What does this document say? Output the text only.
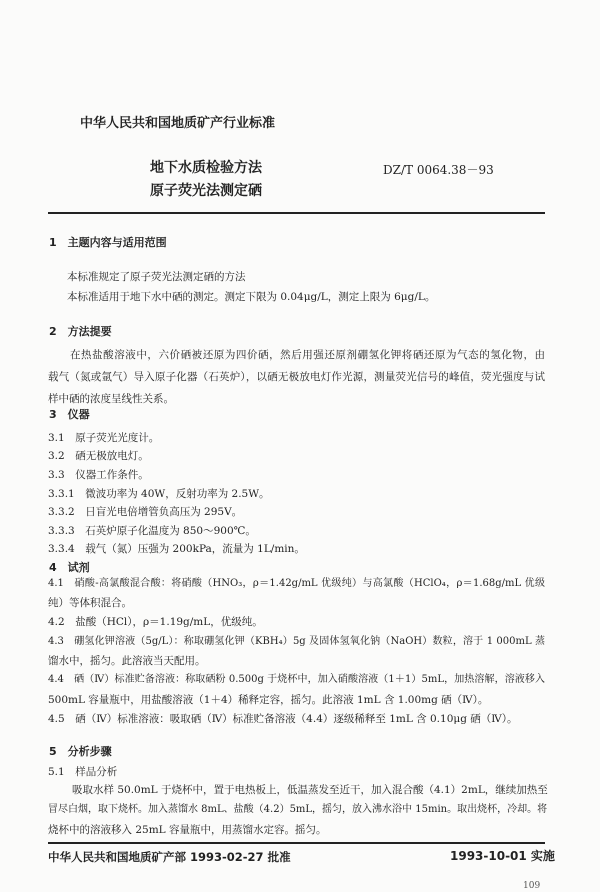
中华人民共和国地质矿产行业标准
地下水质检验方法
原子荧光法测定硒
DZ/T 0064.38－93
1　主题内容与适用范围
本标准规定了原子荧光法测定硒的方法
本标准适用于地下水中硒的测定。测定下限为 0.04μg/L，测定上限为 6μg/L。
2　方法提要
在热盐酸溶液中，六价硒被还原为四价硒，然后用强还原剂硼氢化钾将硒还原为气态的氢化物，由
载气（氮或氩气）导入原子化器（石英炉），以硒无极放电灯作光源，测量荧光信号的峰值，荧光强度与试
样中硒的浓度呈线性关系。
3　仪器
3.1　原子荧光光度计。
3.2　硒无极放电灯。
3.3　仪器工作条件。
3.3.1　微波功率为 40W，反射功率为 2.5W。
3.3.2　日盲光电倍增管负高压为 295V。
3.3.3　石英炉原子化温度为 850～900℃。
3.3.4　载气（氮）压强为 200kPa，流量为 1L/min。
4　试剂
4.1　硝酸-高氯酸混合酸：将硝酸（HNO₃，ρ＝1.42g/mL 优级纯）与高氯酸（HClO₄，ρ＝1.68g/mL 优级
纯）等体积混合。
4.2　盐酸（HCl），ρ＝1.19g/mL，优级纯。
4.3　硼氢化钾溶液（5g/L）：称取硼氢化钾（KBH₄）5g 及固体氢氧化钠（NaOH）数粒，溶于 1 000mL 蒸
馏水中，摇匀。此溶液当天配用。
4.4　硒（Ⅳ）标准贮备溶液：称取硒粉 0.500g 于烧杯中，加入硝酸溶液（1＋1）5mL，加热溶解，溶液移入
500mL 容量瓶中，用盐酸溶液（1＋4）稀释定容，摇匀。此溶液 1mL 含 1.00mg 硒（Ⅳ）。
4.5　硒（Ⅳ）标准溶液：吸取硒（Ⅳ）标准贮备溶液（4.4）逐级稀释至 1mL 含 0.10μg 硒（Ⅳ）。
5　分析步骤
5.1　样品分析
吸取水样 50.0mL 于烧杯中，置于电热板上，低温蒸发至近干，加入混合酸（4.1）2mL，继续加热至
冒尽白烟，取下烧杯。加入蒸馏水 8mL、盐酸（4.2）5mL，摇匀，放入沸水浴中 15min。取出烧杯，冷却。将
烧杯中的溶液移入 25mL 容量瓶中，用蒸馏水定容。摇匀。
中华人民共和国地质矿产部 1993-02-27 批准	1993-10-01 实施
109
